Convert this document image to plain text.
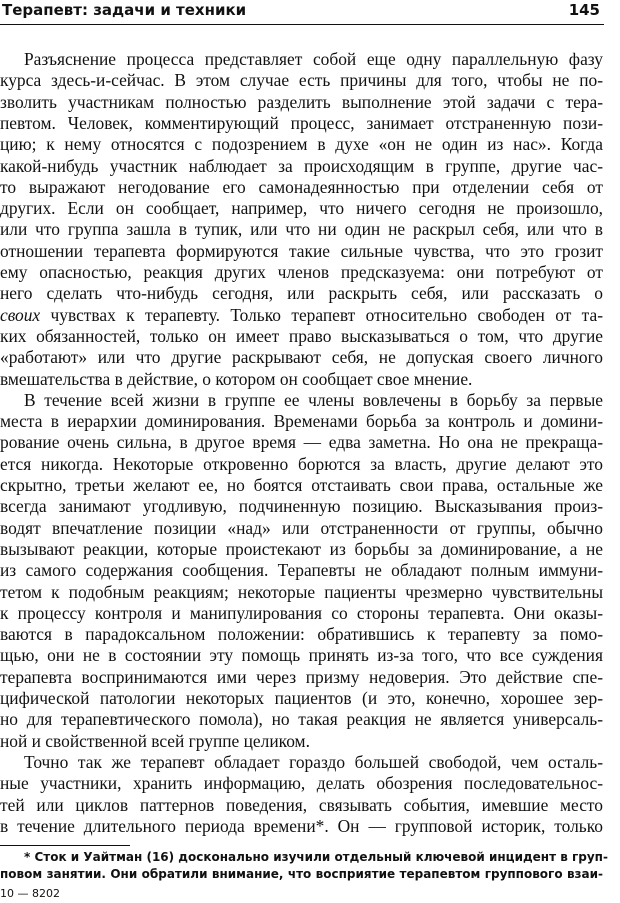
Терапевт: задачи и техники	145
Разъяснение процесса представляет собой еще одну параллельную фазу
курса здесь-и-сейчас. В этом случае есть причины для того, чтобы не по-
зволить участникам полностью разделить выполнение этой задачи с тера-
певтом. Человек, комментирующий процесс, занимает отстраненную пози-
цию; к нему относятся с подозрением в духе «он не один из нас». Когда
какой-нибудь участник наблюдает за происходящим в группе, другие час-
то выражают негодование его самонадеянностью при отделении себя от
других. Если он сообщает, например, что ничего сегодня не произошло,
или что группа зашла в тупик, или что ни один не раскрыл себя, или что в
отношении терапевта формируются такие сильные чувства, что это грозит
ему опасностью, реакция других членов предсказуема: они потребуют от
него сделать что-нибудь сегодня, или раскрыть себя, или рассказать о
своих чувствах к терапевту. Только терапевт относительно свободен от та-
ких обязанностей, только он имеет право высказываться о том, что другие
«работают» или что другие раскрывают себя, не допуская своего личного
вмешательства в действие, о котором он сообщает свое мнение.
В течение всей жизни в группе ее члены вовлечены в борьбу за первые
места в иерархии доминирования. Временами борьба за контроль и домини-
рование очень сильна, в другое время — едва заметна. Но она не прекраща-
ется никогда. Некоторые откровенно борются за власть, другие делают это
скрытно, третьи желают ее, но боятся отстаивать свои права, остальные же
всегда занимают угодливую, подчиненную позицию. Высказывания произ-
водят впечатление позиции «над» или отстраненности от группы, обычно
вызывают реакции, которые проистекают из борьбы за доминирование, а не
из самого содержания сообщения. Терапевты не обладают полным иммуни-
тетом к подобным реакциям; некоторые пациенты чрезмерно чувствительны
к процессу контроля и манипулирования со стороны терапевта. Они оказы-
ваются в парадоксальном положении: обратившись к терапевту за помо-
щью, они не в состоянии эту помощь принять из-за того, что все суждения
терапевта воспринимаются ими через призму недоверия. Это действие спе-
цифической патологии некоторых пациентов (и это, конечно, хорошее зер-
но для терапевтического помола), но такая реакция не является универсаль-
ной и свойственной всей группе целиком.
Точно так же терапевт обладает гораздо большей свободой, чем осталь-
ные участники, хранить информацию, делать обозрения последовательнос-
тей или циклов паттернов поведения, связывать события, имевшие место
в течение длительного периода времени*. Он — групповой историк, только
* Сток и Уайтман (16) досконально изучили отдельный ключевой инцидент в груп-
повом занятии. Они обратили внимание, что восприятие терапевтом группового взаи-
10 — 8202
